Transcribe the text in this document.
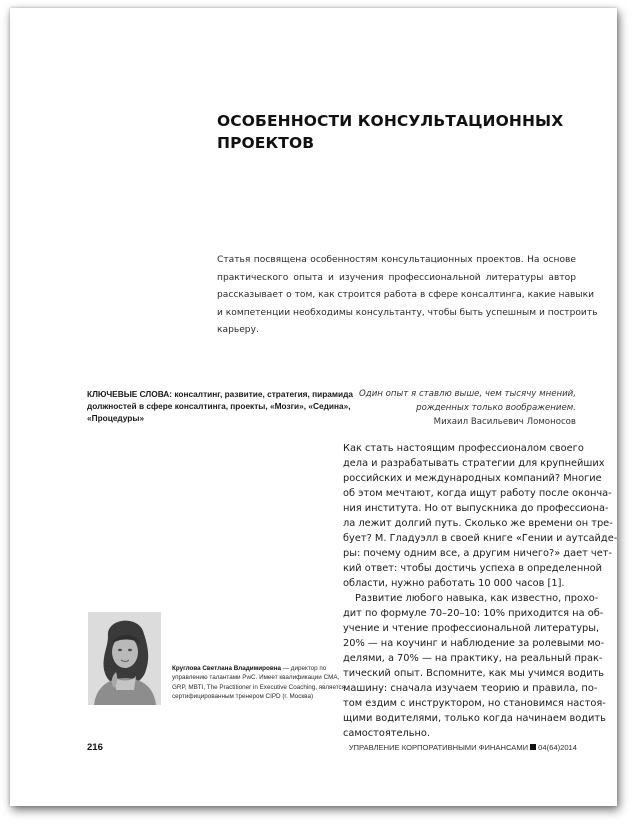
ОСОБЕННОСТИ КОНСУЛЬТАЦИОННЫХ
ПРОЕКТОВ
Статья посвящена особенностям консультационных проектов. На основе
практического опыта и изучения профессиональной литературы автор
рассказывает о том, как строится работа в сфере консалтинга, какие навыки
и компетенции необходимы консультанту, чтобы быть успешным и построить
карьеру.
КЛЮЧЕВЫЕ СЛОВА: консалтинг, развитие, стратегия, пирамида
должностей в сфере консалтинга, проекты, «Мозги», «Седина»,
«Процедуры»
Один опыт я ставлю выше, чем тысячу мнений,
рожденных только воображением.
Михаил Васильевич Ломоносов
Как стать настоящим профессионалом своего
дела и разрабатывать стратегии для крупнейших
российских и международных компаний? Многие
об этом мечтают, когда ищут работу после оконча-
ния института. Но от выпускника до профессиона-
ла лежит долгий путь. Сколько же времени он тре-
бует? М. Гладуэлл в своей книге «Гении и аутсайде-
ры: почему одним все, а другим ничего?» дает чет-
кий ответ: чтобы достичь успеха в определенной
области, нужно работать 10 000 часов [1].
Развитие любого навыка, как известно, прохо-
дит по формуле 70–20–10: 10% приходится на об-
учение и чтение профессиональной литературы,
20% — на коучинг и наблюдение за ролевыми мо-
делями, а 70% — на практику, на реальный прак-
тический опыт. Вспомните, как мы учимся водить
машину: сначала изучаем теорию и правила, по-
том ездим с инструктором, но становимся настоя-
щими водителями, только когда начинаем водить
самостоятельно.
Круглова Светлана Владимировна — директор по
управлению талантами PwC. Имеет квалификации CMA,
GRP, MBTI, The Practitioner in Executive Coaching, является
сертифицированным тренером CIPD (г. Москва)
216	УПРАВЛЕНИЕ КОРПОРАТИВНЫМИ ФИНАНСАМИ 04(64)2014
